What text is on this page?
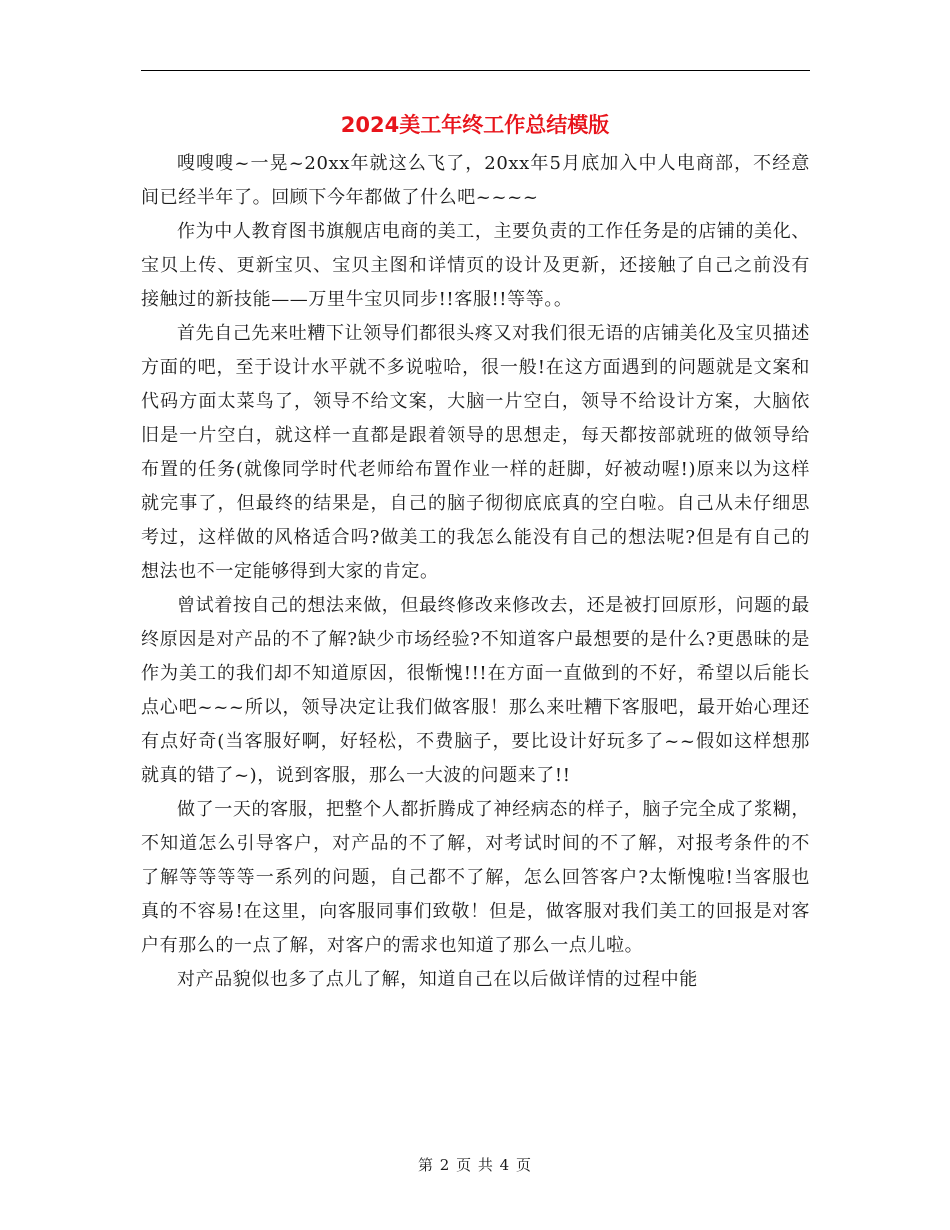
2024美工年终工作总结模版

嗖嗖嗖~一晃~20xx年就这么飞了，20xx年5月底加入中人电商部，不经意间已经半年了。回顾下今年都做了什么吧~~~~

作为中人教育图书旗舰店电商的美工，主要负责的工作任务是的店铺的美化、宝贝上传、更新宝贝、宝贝主图和详情页的设计及更新，还接触了自己之前没有接触过的新技能——万里牛宝贝同步!!客服!!等等。。

首先自己先来吐糟下让领导们都很头疼又对我们很无语的店铺美化及宝贝描述方面的吧，至于设计水平就不多说啦哈，很一般!在这方面遇到的问题就是文案和代码方面太菜鸟了，领导不给文案，大脑一片空白，领导不给设计方案，大脑依旧是一片空白，就这样一直都是跟着领导的思想走，每天都按部就班的做领导给布置的任务(就像同学时代老师给布置作业一样的赶脚，好被动喔!)原来以为这样就完事了，但最终的结果是，自己的脑子彻彻底底真的空白啦。自己从未仔细思考过，这样做的风格适合吗?做美工的我怎么能没有自己的想法呢?但是有自己的想法也不一定能够得到大家的肯定。

曾试着按自己的想法来做，但最终修改来修改去，还是被打回原形，问题的最终原因是对产品的不了解?缺少市场经验?不知道客户最想要的是什么?更愚昧的是作为美工的我们却不知道原因，很惭愧!!!在方面一直做到的不好，希望以后能长点心吧~~~所以，领导决定让我们做客服！那么来吐糟下客服吧，最开始心理还有点好奇(当客服好啊，好轻松，不费脑子，要比设计好玩多了~~假如这样想那就真的错了~)，说到客服，那么一大波的问题来了!!

做了一天的客服，把整个人都折腾成了神经病态的样子，脑子完全成了浆糊，不知道怎么引导客户，对产品的不了解，对考试时间的不了解，对报考条件的不了解等等等等一系列的问题，自己都不了解，怎么回答客户?太惭愧啦!当客服也真的不容易!在这里，向客服同事们致敬！但是，做客服对我们美工的回报是对客户有那么的一点了解，对客户的需求也知道了那么一点儿啦。

对产品貌似也多了点儿了解，知道自己在以后做详情的过程中能

第 2 页 共 4 页
